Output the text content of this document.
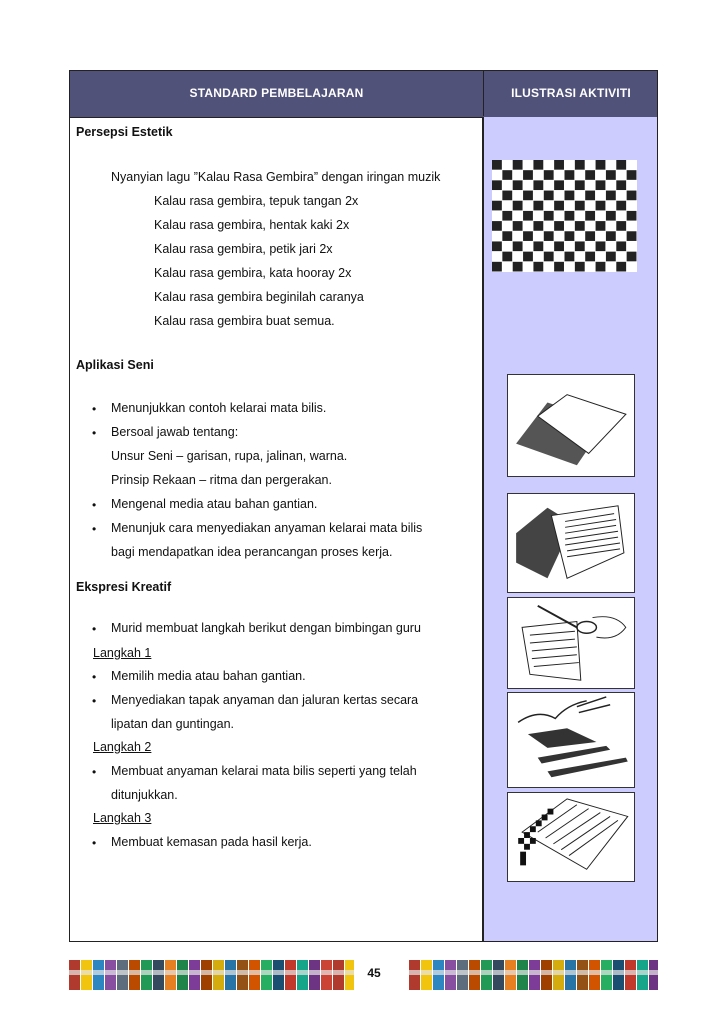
STANDARD PEMBELAJARAN	ILUSTRASI AKTIVITI
Persepsi Estetik
Nyanyian lagu ”Kalau Rasa Gembira” dengan iringan muzik
Kalau rasa gembira, tepuk tangan 2x
Kalau rasa gembira, hentak kaki 2x
Kalau rasa gembira, petik jari 2x
Kalau rasa gembira, kata hooray 2x
Kalau rasa gembira beginilah caranya
Kalau rasa gembira buat semua.
Aplikasi Seni
• Menunjukkan contoh kelarai mata bilis.
• Bersoal jawab tentang:
Unsur Seni – garisan, rupa, jalinan, warna.
Prinsip Rekaan – ritma dan pergerakan.
• Mengenal media atau bahan gantian.
• Menunjuk cara menyediakan anyaman kelarai mata bilis
bagi mendapatkan idea perancangan proses kerja.
Ekspresi Kreatif
• Murid membuat langkah berikut dengan bimbingan guru
Langkah 1
• Memilih media atau bahan gantian.
• Menyediakan tapak anyaman dan jaluran kertas secara
lipatan dan guntingan.
Langkah 2
• Membuat anyaman kelarai mata bilis seperti yang telah
ditunjukkan.
Langkah 3
• Membuat kemasan pada hasil kerja.
45
